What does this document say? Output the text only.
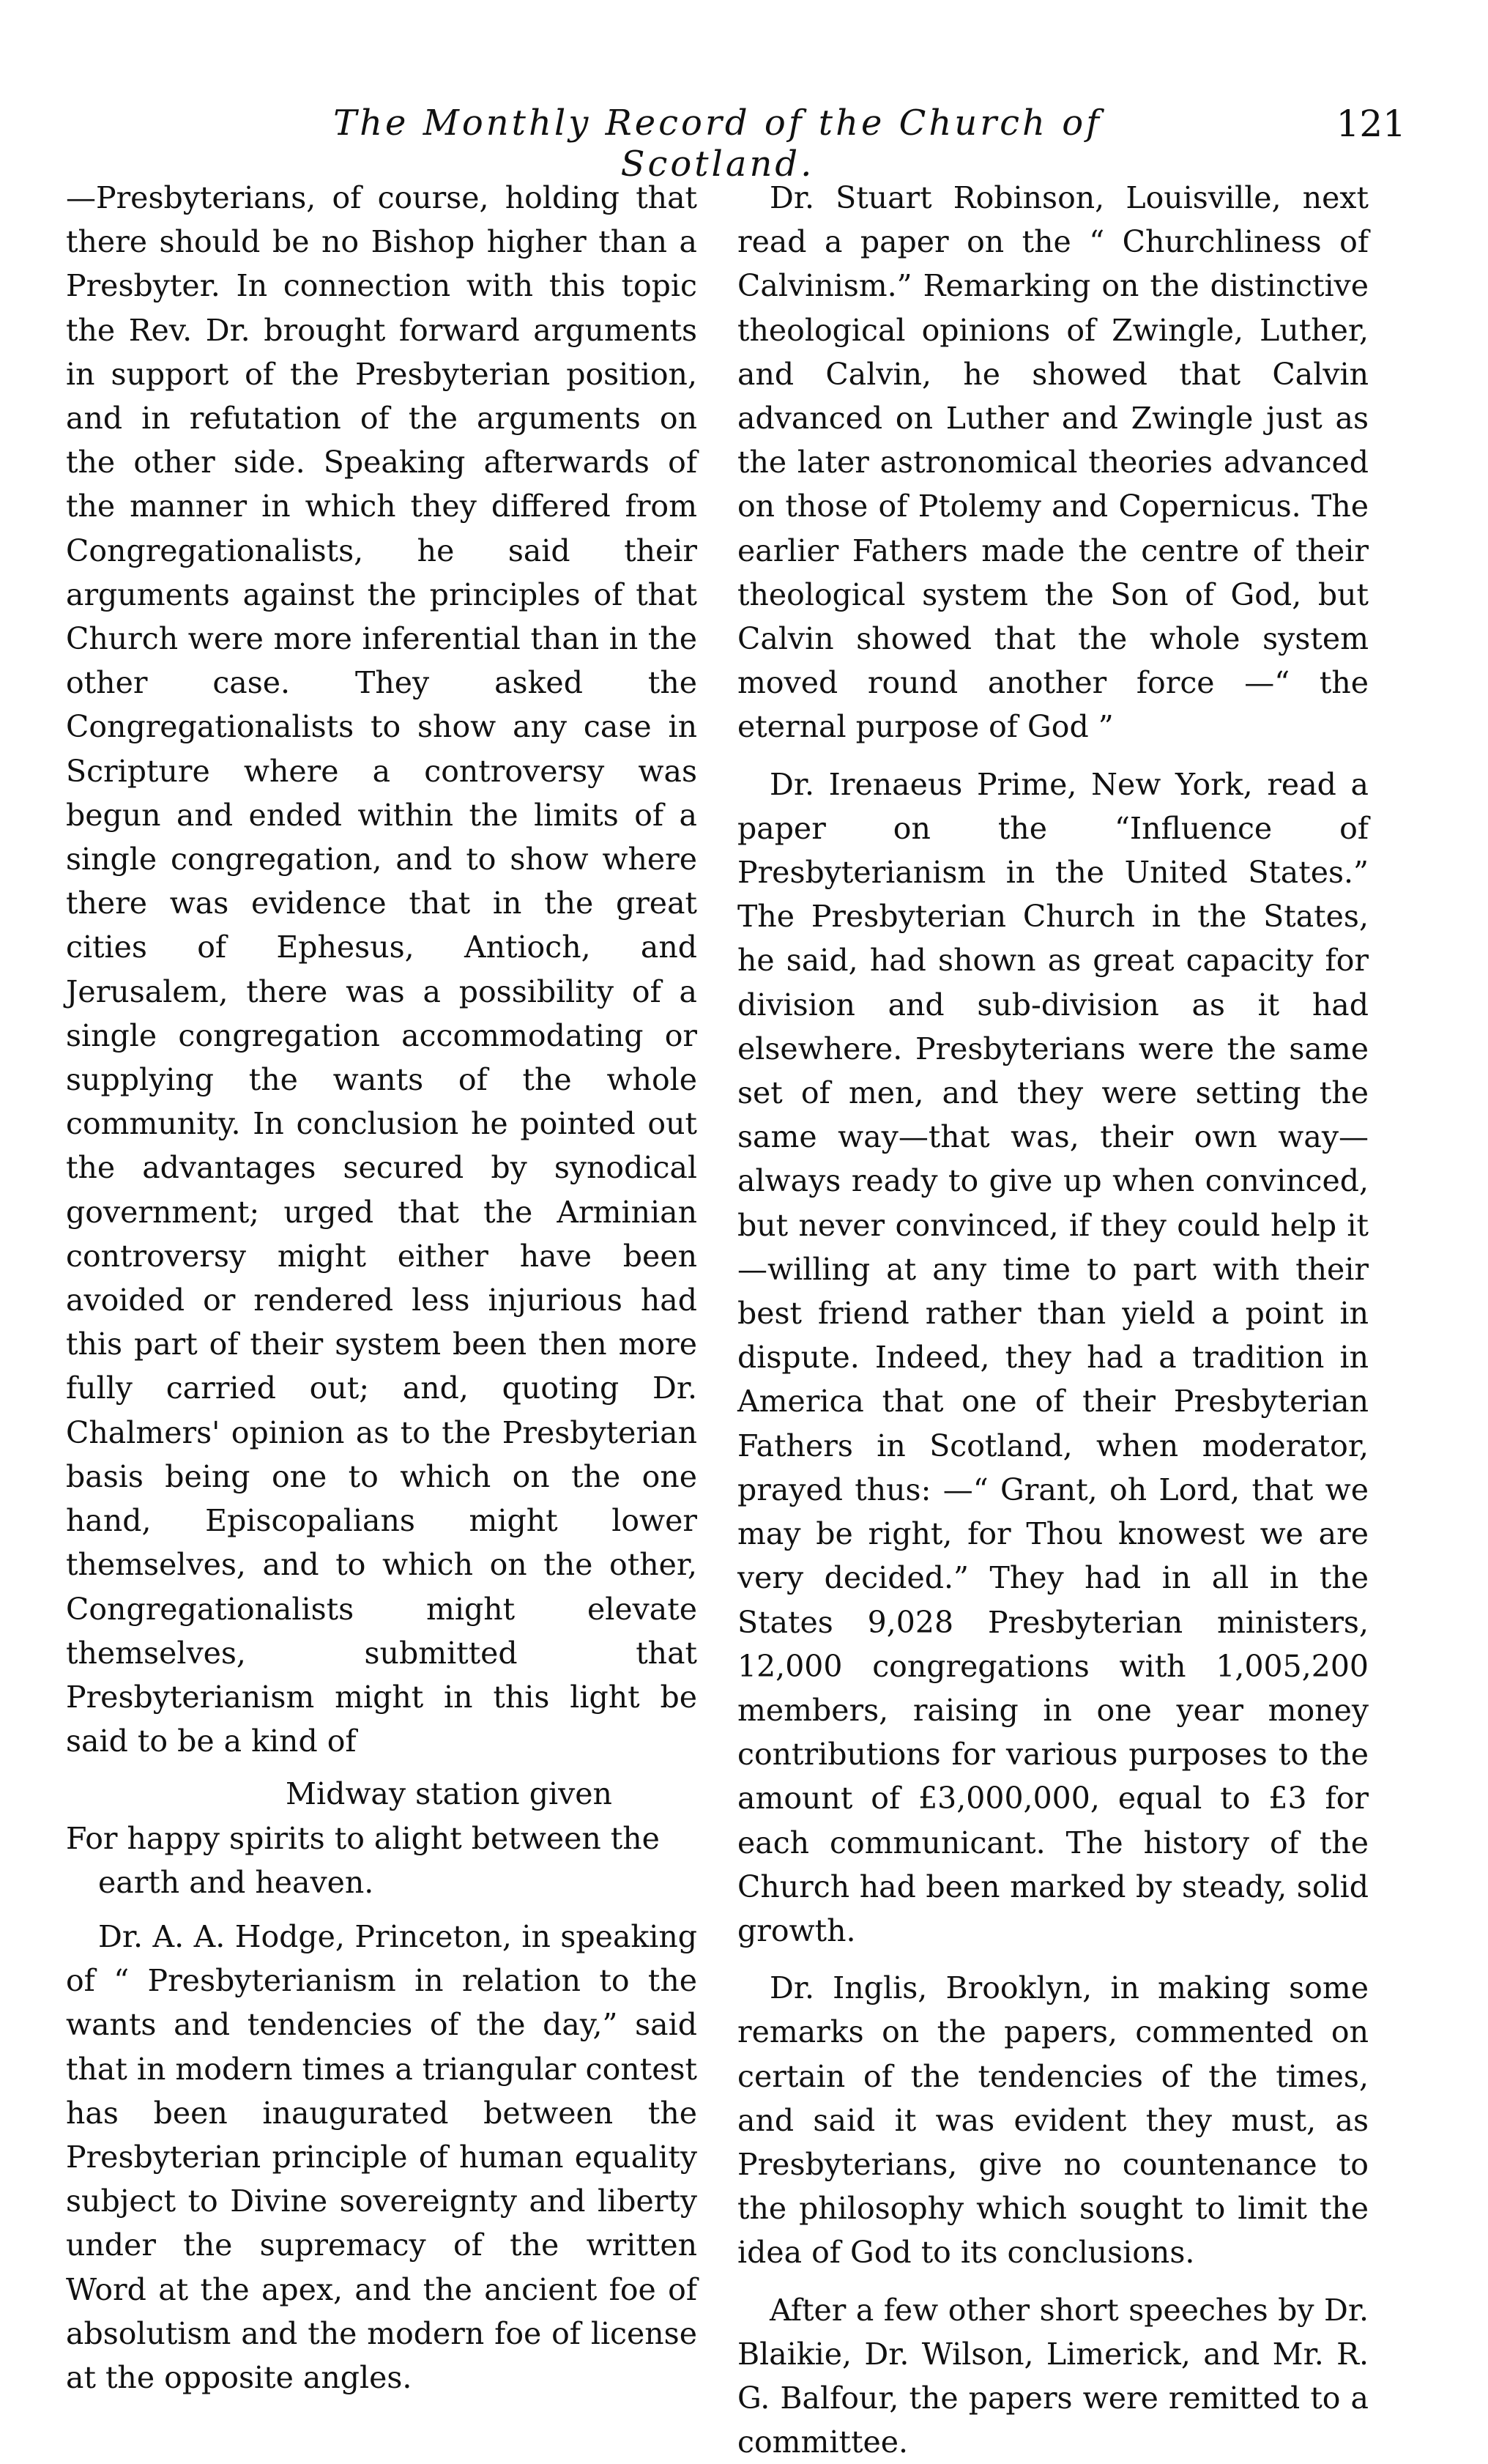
The Monthly Record of the Church of Scotland.
121

—Presbyterians, of course, holding that there should be no Bishop higher than a Presbyter. In connection with this topic the Rev. Dr. brought forward arguments in support of the Presbyterian position, and in refutation of the arguments on the other side. Speaking afterwards of the manner in which they differed from Congregationalists, he said their arguments against the principles of that Church were more inferential than in the other case. They asked the Congregationalists to show any case in Scripture where a controversy was begun and ended within the limits of a single congregation, and to show where there was evidence that in the great cities of Ephesus, Antioch, and Jerusalem, there was a possibility of a single congregation accommodating or supplying the wants of the whole community. In conclusion he pointed out the advantages secured by synodical government; urged that the Arminian controversy might either have been avoided or rendered less injurious had this part of their system been then more fully carried out; and, quoting Dr. Chalmers' opinion as to the Presbyterian basis being one to which on the one hand, Episcopalians might lower themselves, and to which on the other, Congregationalists might elevate themselves, submitted that Presbyterianism might in this light be said to be a kind of

Midway station given

For happy spirits to alight between the

earth and heaven.

Dr. A. A. Hodge, Princeton, in speaking of “ Presbyterianism in relation to the wants and tendencies of the day,” said that in modern times a triangular contest has been inaugurated between the Presbyterian principle of human equality subject to Divine sovereignty and liberty under the supremacy of the written Word at the apex, and the ancient foe of absolutism and the modern foe of license at the opposite angles.

Dr. Stuart Robinson, Louisville, next read a paper on the “ Churchliness of Calvinism.” Remarking on the distinctive theological opinions of Zwingle, Luther, and Calvin, he showed that Calvin advanced on Luther and Zwingle just as the later astronomical theories advanced on those of Ptolemy and Copernicus. The earlier Fathers made the centre of their theological system the Son of God, but Calvin showed that the whole system moved round another force —“ the eternal purpose of God ”

Dr. Irenaeus Prime, New York, read a paper on the “Influence of Presbyterianism in the United States.” The Presbyterian Church in the States, he said, had shown as great capacity for division and sub-division as it had elsewhere. Presbyterians were the same set of men, and they were setting the same way—that was, their own way—always ready to give up when convinced, but never convinced, if they could help it—willing at any time to part with their best friend rather than yield a point in dispute. Indeed, they had a tradition in America that one of their Presbyterian Fathers in Scotland, when moderator, prayed thus: —“ Grant, oh Lord, that we may be right, for Thou knowest we are very decided.” They had in all in the States 9,028 Presbyterian ministers, 12,000 congregations with 1,005,200 members, raising in one year money contributions for various purposes to the amount of £3,000,000, equal to £3 for each communicant. The history of the Church had been marked by steady, solid growth.

Dr. Inglis, Brooklyn, in making some remarks on the papers, commented on certain of the tendencies of the times, and said it was evident they must, as Presbyterians, give no countenance to the philosophy which sought to limit the idea of God to its conclusions.

After a few other short speeches by Dr. Blaikie, Dr. Wilson, Limerick, and Mr. R. G. Balfour, the papers were remitted to a committee.
